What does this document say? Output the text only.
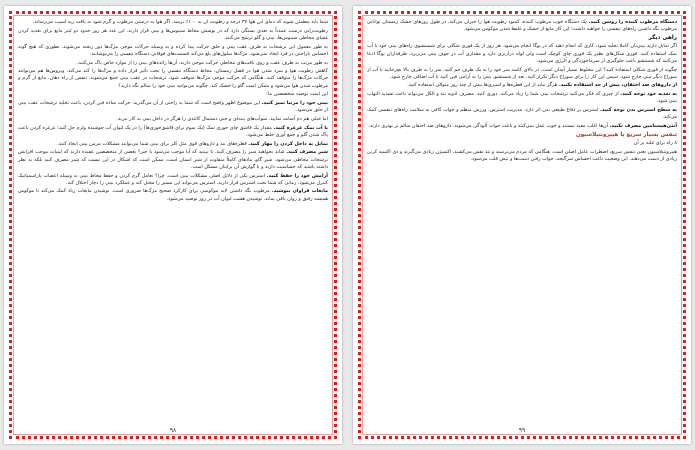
شما باید مطمئن شوید که دمای این هوا ۳۷ درجه و رطوبت آن به ۱۰۰٪ برسد. اگر هوا به درستی مرطوب و گرم شود به بافت ریه آسیب می‌رساند.

رطوبت‌زایی درست عمدتاً به تعدی بستگی دارد که در پوشش مخاط سینوس‌ها و بینی قرار دارند. این غدد هر روز حدود دو لیتر مایع برای تغذیه کردن غشای مخاطی سینوس‌ها، بینی و گلو ترشح می‌کنند.

به طور معمول این ترشحات به طرف عقب بینی و حلق حرکت پیدا کرده و به وسیله حرکات موجی مژک‌ها دور ریخته می‌شوند. بطوری که هیچ گونه احساس ناراحتی در فرد ایجاد نمی‌شود. مژک‌ها سلول‌های بلع می‌کند قسمت‌های فوقانی دستگاه تنفسی را می‌پوشانند.

به طور مرتب به طرف عقب و روی بافت‌های مخاطی حرکت موجی دارند. آن‌ها زائده‌های بینی را از موارد خاص پاک می‌کنند.

کاهش رطوبت هوا و سرد شدن هوا در فصل زمستان، مخاط دستگاه تنفسی را تحت تأثیر قرار داده و مژک‌ها را کند می‌کند. ویروس‌ها هم می‌توانند حرکات مژک‌ها را متوقف کنند. هنگامی که حرکت موجی مژک‌ها متوقف شود، ترشحات در عقب بینی جمع می‌شوند. تنفس از راه دهان، مانع از گرم و مرطوب شدن هوا می‌شود و ممکن است گلو را خشک کند. چگونه می‌توانید بینی خود را سالم نگه دارید؟

این است توصیه متخصصین ما:

بینی خود را مرتبا تمیز کنید. این موضوع اظهر واضح است که شما به راحتی از آن می‌گذرید. حرکت ساده فین کردن، باعث تخلیه ترشحات عقب بینی از حلق می‌شود.

اما خیلی هم دم آشامه نمایید. سوآب‌های پنبه‌ای و حتی دستمال کاغذی را هرگز در داخل بینی به کار نبرید.

با آب نمک غرغره کنید. مقدار یک قاشق چای خوری نمک (یک سوم برای قاشق‌خوری‌ها) را در یک لیوان آب جوشیده ولرم حل کنید؛ غرغره کردن باعث پاک شدن گلو و جمع آوری خلط می‌شود.

تمایل به داخل کردن را مهار کنید. قطره‌های تند و داروهای قوی مثل کلر برای بینی شما می‌توانند مشکلات مزمن بینی ایجاد کنند.

شیر مصرف کنید. شاید بخواهید شیر را مصرف کنید، تا ببینید که آیا موجب می‌شود یا خیر؟ بعضی از متخصصین عقیده دارند که لبنیات موجب افزایش ترشحات مخاطی می‌شود. شیر گاو، مادهای کاملاً متفاوت از شیر انسان است. ممکن است که اشکال در این نیست که شیر مصرف کنید بلکه به نظر داشته باشید که حساسیت دارید و یا گوارش آن برایتان مشکل است.

آرامش خود را حفظ کنید. استرس یکی از دلایل اصلی مشکلات بینی است. چرا؟ تعامل گرم کردن و حفظ مخاط بینی به وسیله اعصاب پاراسمپاتیک کنترل می‌شود. زمانی که شما تحت استرس قرار دارید، استرس می‌تواند این مسیر را مختل کند و عملکرد بینی را دچار اختلال کند.

مایعات فراوان بنوشید. مرطوب نگه داشتن لایه موکوسی برای کارکرد صحیح مژک‌ها ضروری است. نوشیدن مایعات زیاد کمک می‌کند تا موکوس همیشه رقیق و روان باقی بماند. نوشیدن هشت لیوان آب در روز توصیه می‌شود.

۹۸

دستگاه مرطوب کننده را روشن کنید. یک دستگاه خوب مرطوب کننده، کمبود رطوبت هوا را جبران می‌کند. در طول روزهای خشک زمستان توانایی مرطوب نگه داشتن راه‌های تنفسی را خواهید داشت؛ این کار مانع از خشک و غلیظ شدن موکوس می‌شود.

راهی دیگر

اگر تمایل دارید بینی‌تان کاملا تخلیه شود، کاری که انجام دهید که در یوگا انجام می‌شود. هر روز از یک فوری شکلی برای شستشوی راه‌های بینی خود با آب نمک استفاده کنید. فوری شکل‌های نظیر یک قوری چای کوچک است ولی لوله درازتری دارد و مقداری آب در جوف بینی می‌ریزد. طرفداران یوگا ادعا می‌کنند که شستشو باعث جلوگیری از سرماخوردگی و آلرژی می‌شود.

چگونه از قوری شکلی استفاده کنید؟ این مخلوط بسیار آسان است. در بالای کاسه سر خود را به یک طرف خم کنید. سر را به طرف بالا بچرخانید تا آب از سوراخ دیگر بینی خارج شود. سپس این کار را برای سوراخ دیگر تکرار کنید. بعد از شستشو، بینی را به آرامی فین کنید تا آب اضافی خارج شود.

از داروهای ضد احتقان، بیش از حد استفاده نکنید. هرگز نباید از این قطره‌ها و اسپری‌ها بیش از چند روز متوالی استفاده کنید.

به تغذیه خود توجه کنید. از چیزی که فکر می‌کنید ترشحات بینی شما را زیاد می‌کند، دوری کنید. مصرف ادویه تند و الکل می‌تواند باعث تشدید التهاب بینی شود.

به سطح استرس بدن توجه کنید. استرس بر دفاع طبیعی بدن اثر دارد. مدیریت استرس، ورزش منظم و خواب کافی به سلامت راه‌های تنفسی کمک می‌کند.

آنتی‌هیستامین مصرف نکنید. آن‌ها اغلب مفید نیستند و خوب عمل نمی‌کنند و باعث خواب آلودگی می‌شوند. داروهای ضد احتقان سالم تر بهتری دارند.

تنفس بسیار سریع یا هیپرونتیلاسیون

۸ راه برای غلبه بر آن

هیپرونتیلاسیون یعنی تنفس سریع، اضطراب عامل اصلی است. هنگامی که مردم می‌ترسند و تند نفس می‌کشند، اکسیژن زیادی می‌گیرند و دی اکسید کربن زیادی از دست می‌دهند. این وضعیت باعث احساس سرگیجه، خواب رفتن دست‌ها و تپش قلب می‌شود.

۹۹
